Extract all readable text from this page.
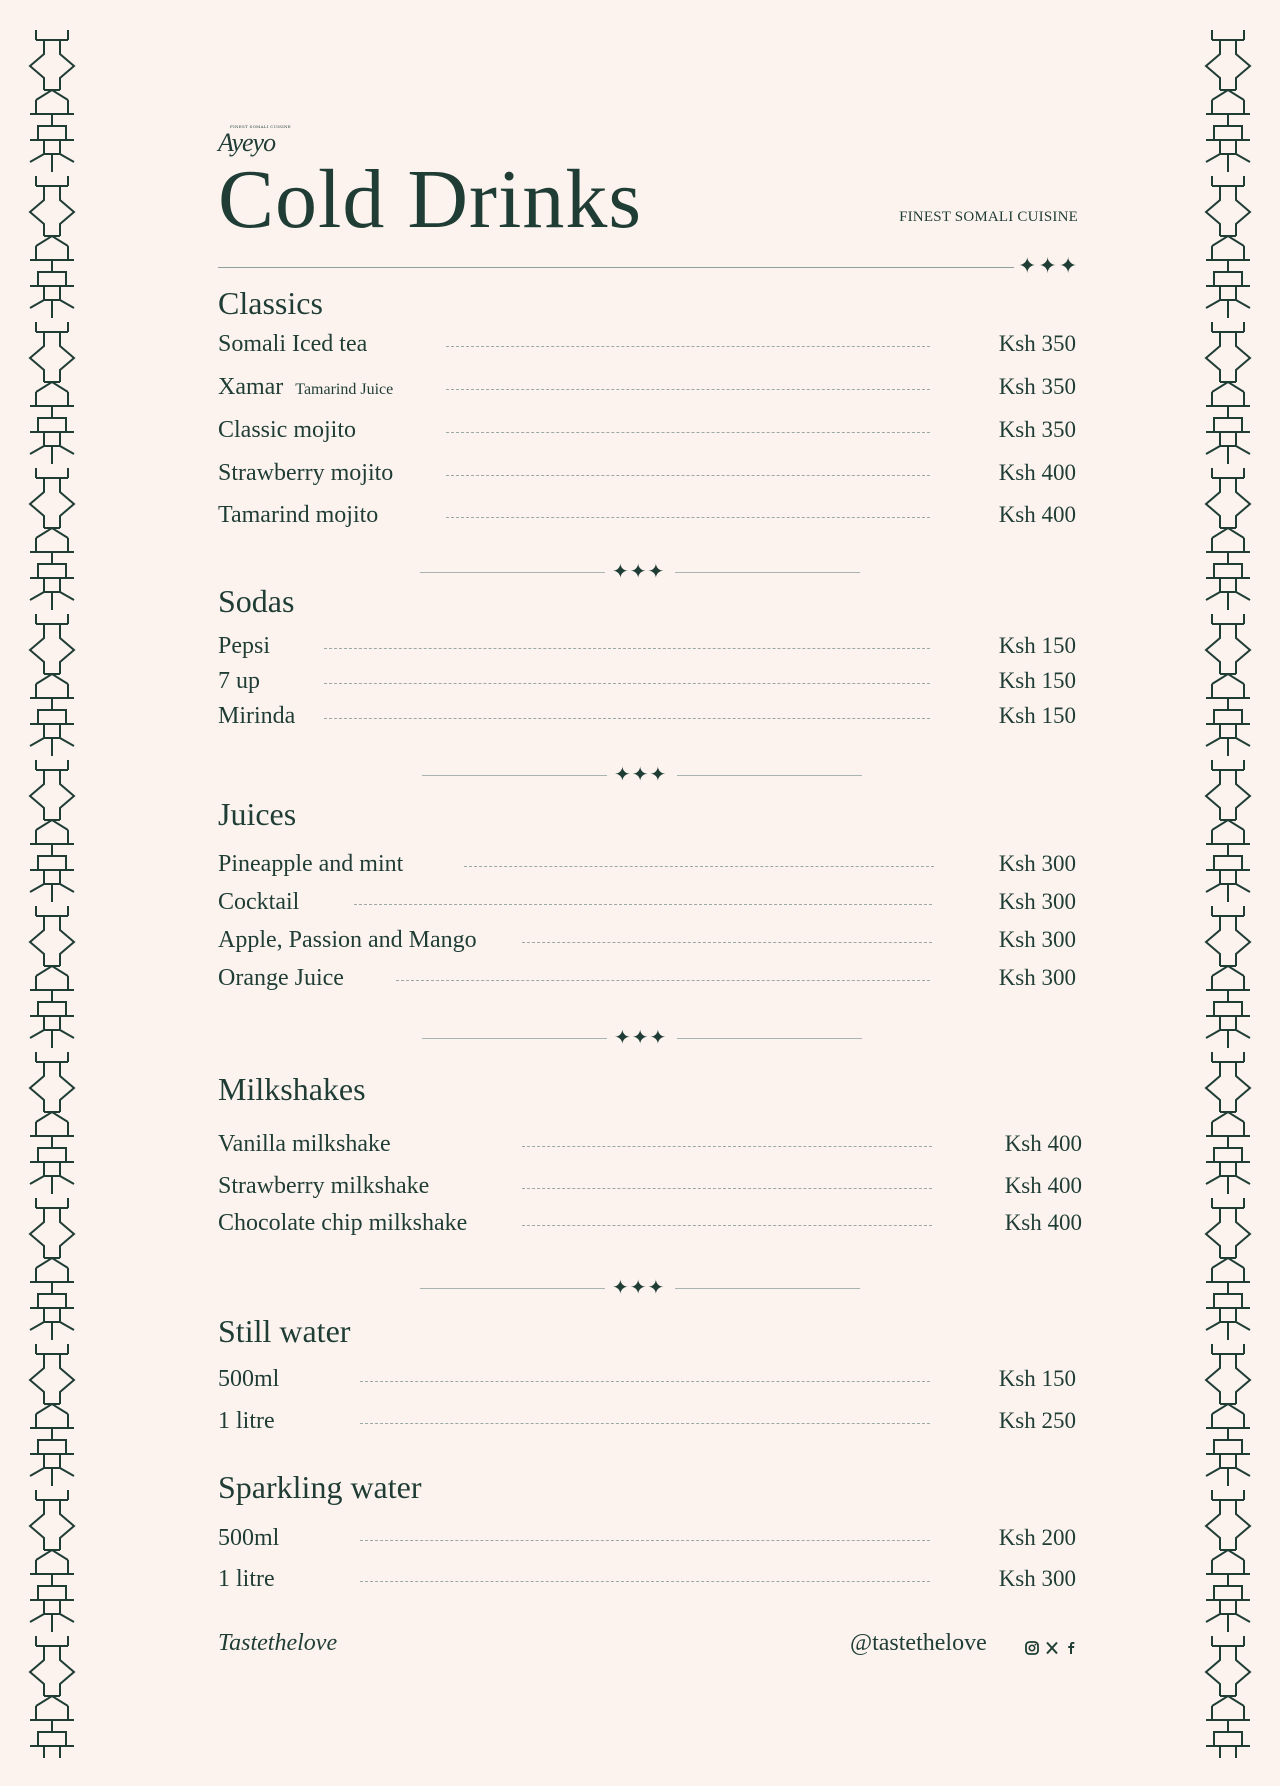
FINEST SOMALI CUISINE
Ayeyo
Cold Drinks	FINEST SOMALI CUISINE
✦✦✦
Classics
Somali Iced tea	Ksh 350
Xamar Tamarind Juice	Ksh 350
Classic mojito	Ksh 350
Strawberry mojito	Ksh 400
Tamarind mojito	Ksh 400
✦✦✦
Sodas
Pepsi	Ksh 150
7 up	Ksh 150
Mirinda	Ksh 150
✦✦✦
Juices
Pineapple and mint	Ksh 300
Cocktail	Ksh 300
Apple, Passion and Mango	Ksh 300
Orange Juice	Ksh 300
✦✦✦
Milkshakes
Vanilla milkshake	Ksh 400
Strawberry milkshake	Ksh 400
Chocolate chip milkshake	Ksh 400
✦✦✦
Still water
500ml	Ksh 150
1 litre	Ksh 250
Sparkling water
500ml	Ksh 200
1 litre	Ksh 300
Tastethelove	@tastethelove
